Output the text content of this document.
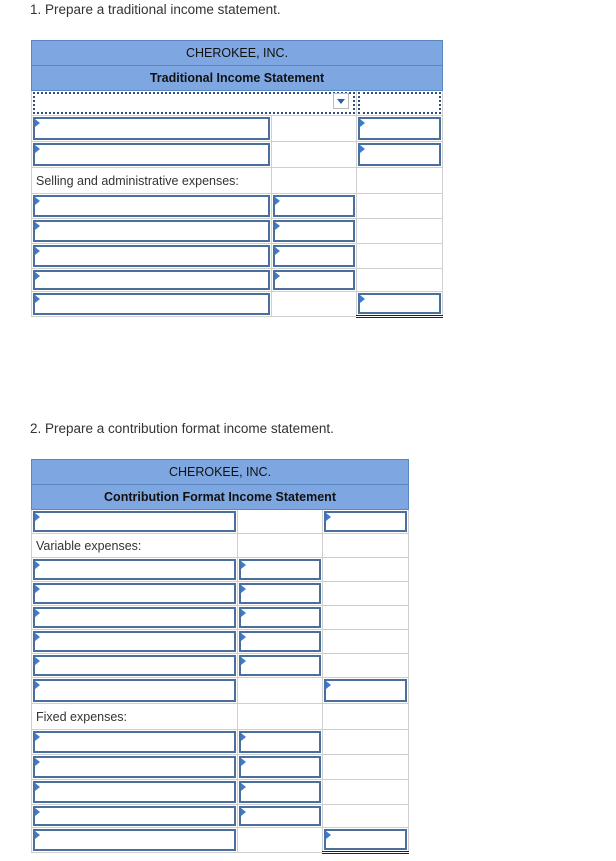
1. Prepare a traditional income statement.
CHEROKEE, INC.		
Traditional Income Statement		

Selling and administrative expenses:		

2. Prepare a contribution format income statement.
CHEROKEE, INC.		
Contribution Format Income Statement		

Variable expenses:		

Fixed expenses:		
